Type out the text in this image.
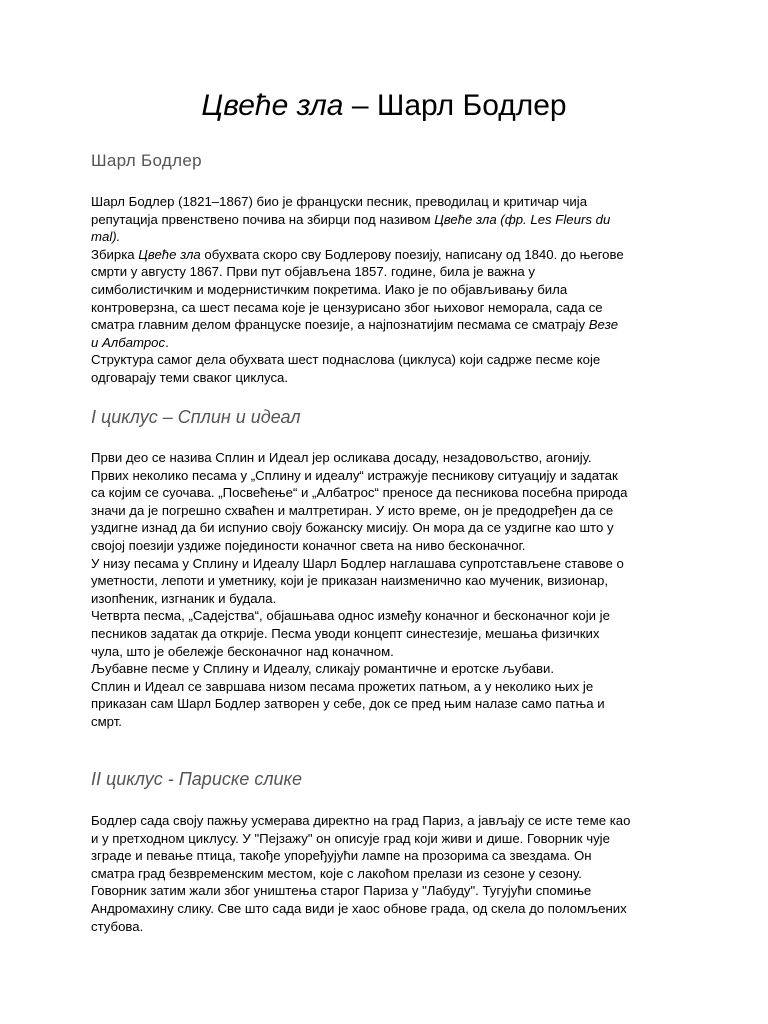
Цвеће зла – Шарл Бодлер
Шарл Бодлер
Шарл Бодлер (1821–1867) био је француски песник, преводилац и критичар чија
репутација првенствено почива на збирци под називом Цвеће зла (фр. Les Fleurs du
mal).
Збирка Цвеће зла обухвата скоро сву Бодлерову поезију, написану од 1840. до његове
смрти у августу 1867. Први пут објављена 1857. године, била је важна у
симболистичким и модернистичким покретима. Иако је по објављивању била
контроверзна, са шест песама које је цензурисано због њиховог неморала, сада се
сматра главним делом француске поезије, а најпознатијим песмама се сматрају Везе
и Албатрос.
Структура самог дела обухвата шест поднаслова (циклуса) који садрже песме које
одговарају теми сваког циклуса.
I циклус – Сплин и идеал
Први део се назива Сплин и Идеал јер осликава досаду, незадовољство, агонију.
Првих неколико песама у „Сплину и идеалу“ истражује песникову ситуацију и задатак
са којим се суочава. „Посвећење“ и „Албатрос“ преносе да песникова посебна природа
значи да је погрешно схваћен и малтретиран. У исто време, он је предодређен да се
уздигне изнад да би испунио своју божанску мисију. Он мора да се уздигне као што у
својој поезији уздиже појединости коначног света на ниво бесконачног.
У низу песама у Сплину и Идеалу Шарл Бодлер наглашава супротстављене ставове о
уметности, лепоти и уметнику, који је приказан наизменично као мученик, визионар,
изопћеник, изгнаник и будала.
Четврта песма, „Садејства“, објашњава однос између коначног и бесконачног који је
песников задатак да открије. Песма уводи концепт синестезије, мешања физичких
чула, што је обележје бесконачног над коначном.
Љубавне песме у Сплину и Идеалу, сликају романтичне и еротске љубави.
Сплин и Идеал се завршава низом песама прожетих патњом, а у неколико њих је
приказан сам Шарл Бодлер затворен у себе, док се пред њим налазе само патња и
смрт.
II циклус - Париске слике
Бодлер сада своју пажњу усмерава директно на град Париз, а јављају се исте теме као
и у претходном циклусу. У "Пејзажу" он описује град који живи и дише. Говорник чује
зграде и певање птица, такође упоређујући лампе на прозорима са звездама. Он
сматра град безвременским местом, које с лакоћом прелази из сезоне у сезону.
Говорник затим жали због уништења старог Париза у "Лабуду". Тугујући спомиње
Андромахину слику. Све што сада види је хаос обнове града, од скела до поломљених
стубова.
